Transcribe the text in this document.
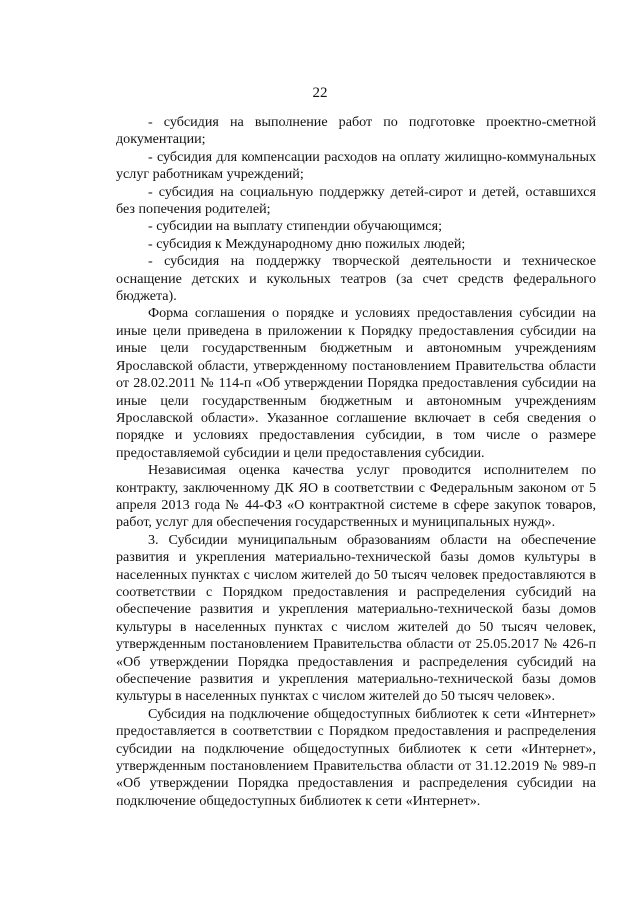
22

- субсидия на выполнение работ по подготовке проектно-сметной документации;

- субсидия для компенсации расходов на оплату жилищно-коммунальных услуг работникам учреждений;

- субсидия на социальную поддержку детей-сирот и детей, оставшихся без попечения родителей;

- субсидии на выплату стипендии обучающимся;

- субсидия к Международному дню пожилых людей;

- субсидия на поддержку творческой деятельности и техническое оснащение детских и кукольных театров (за счет средств федерального бюджета).

Форма соглашения о порядке и условиях предоставления субсидии на иные цели приведена в приложении к Порядку предоставления субсидии на иные цели государственным бюджетным и автономным учреждениям Ярославской области, утвержденному постановлением Правительства области от 28.02.2011 № 114-п «Об утверждении Порядка предоставления субсидии на иные цели государственным бюджетным и автономным учреждениям Ярославской области». Указанное соглашение включает в себя сведения о порядке и условиях предоставления субсидии, в том числе о размере предоставляемой субсидии и цели предоставления субсидии.

Независимая оценка качества услуг проводится исполнителем по контракту, заключенному ДК ЯО в соответствии с Федеральным законом от 5 апреля 2013 года № 44-ФЗ «О контрактной системе в сфере закупок товаров, работ, услуг для обеспечения государственных и муниципальных нужд».

3. Субсидии муниципальным образованиям области на обеспечение развития и укрепления материально-технической базы домов культуры в населенных пунктах с числом жителей до 50 тысяч человек предоставляются в соответствии с Порядком предоставления и распределения субсидий на обеспечение развития и укрепления материально-технической базы домов культуры в населенных пунктах с числом жителей до 50 тысяч человек, утвержденным постановлением Правительства области от 25.05.2017 № 426-п «Об утверждении Порядка предоставления и распределения субсидий на обеспечение развития и укрепления материально-технической базы домов культуры в населенных пунктах с числом жителей до 50 тысяч человек».

Субсидия на подключение общедоступных библиотек к сети «Интернет» предоставляется в соответствии с Порядком предоставления и распределения субсидии на подключение общедоступных библиотек к сети «Интернет», утвержденным постановлением Правительства области от 31.12.2019 № 989-п «Об утверждении Порядка предоставления и распределения субсидии на подключение общедоступных библиотек к сети «Интернет».
